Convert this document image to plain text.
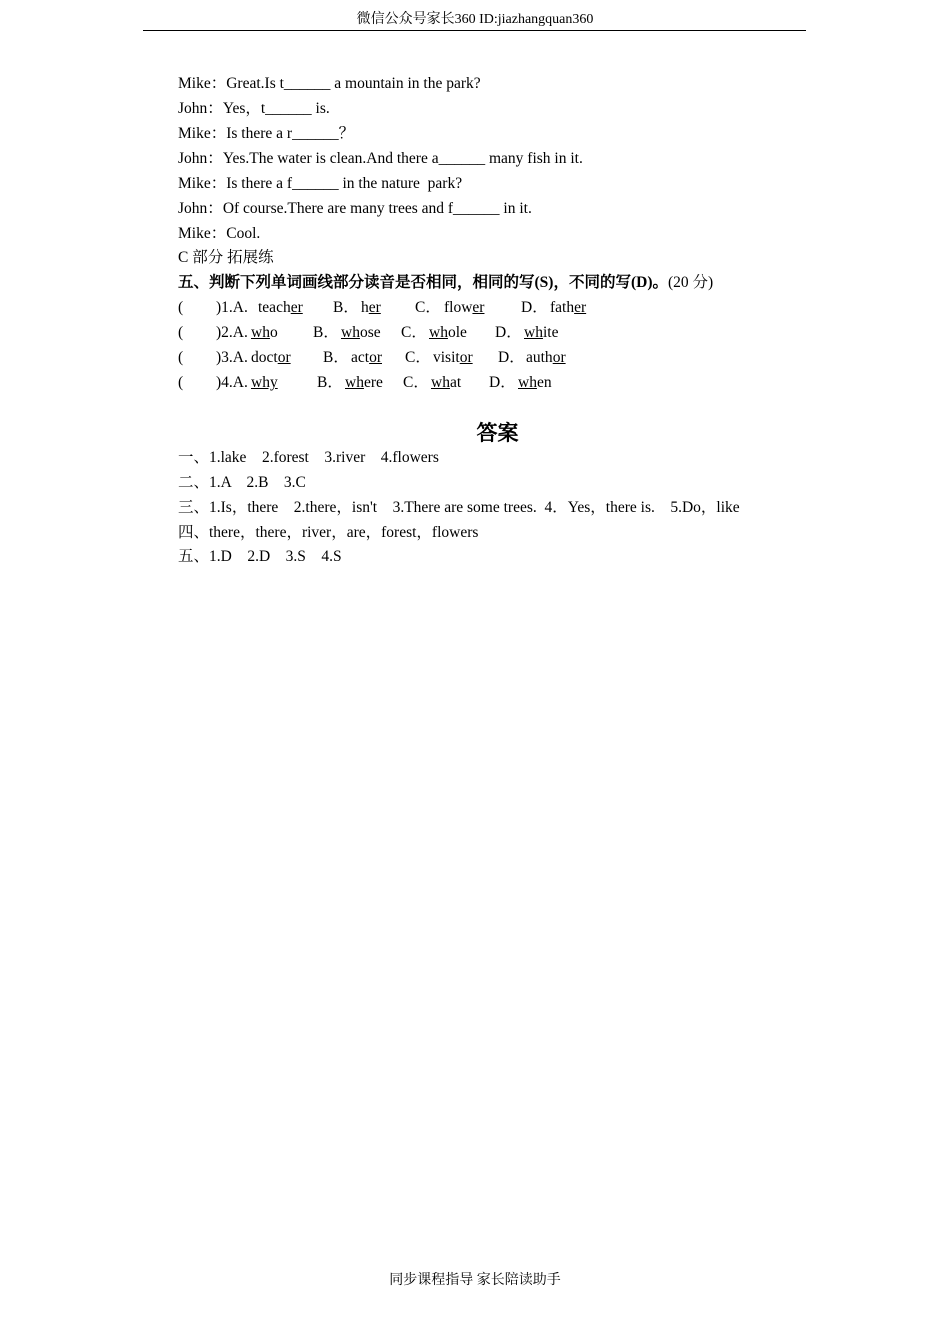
微信公众号家长360 ID:jiazhangquan360
Mike：Great.Is t______ a mountain in the park?
John：Yes，t______ is.
Mike：Is there a r______？
John：Yes.The water is clean.And there a______ many fish in it.
Mike：Is there a f______ in the nature  park?
John：Of course.There are many trees and f______ in it.
Mike：Cool.
C 部分 拓展练
五、判断下列单词画线部分读音是否相同，相同的写(S)，不同的写(D)。(20 分)

(

)1.A.

teacher

B．

her

C．

flower

D．

father

(

)2.A.

who

B．

whose

C．

whole

D．

white

(

)3.A.

doctor

B．

actor

C．

visitor

D．

author

(

)4.A.

why

	B．

where

C．

what

D．

when

答案
一、1.lake    2.forest    3.river    4.flowers
二、1.A    2.B    3.C
三、1.Is，there    2.there，isn't    3.There are some trees.  4．Yes，there is.    5.Do，like
四、there，there，river，are，forest，flowers
五、1.D    2.D    3.S    4.S
同步课程指导 家长陪读助手
